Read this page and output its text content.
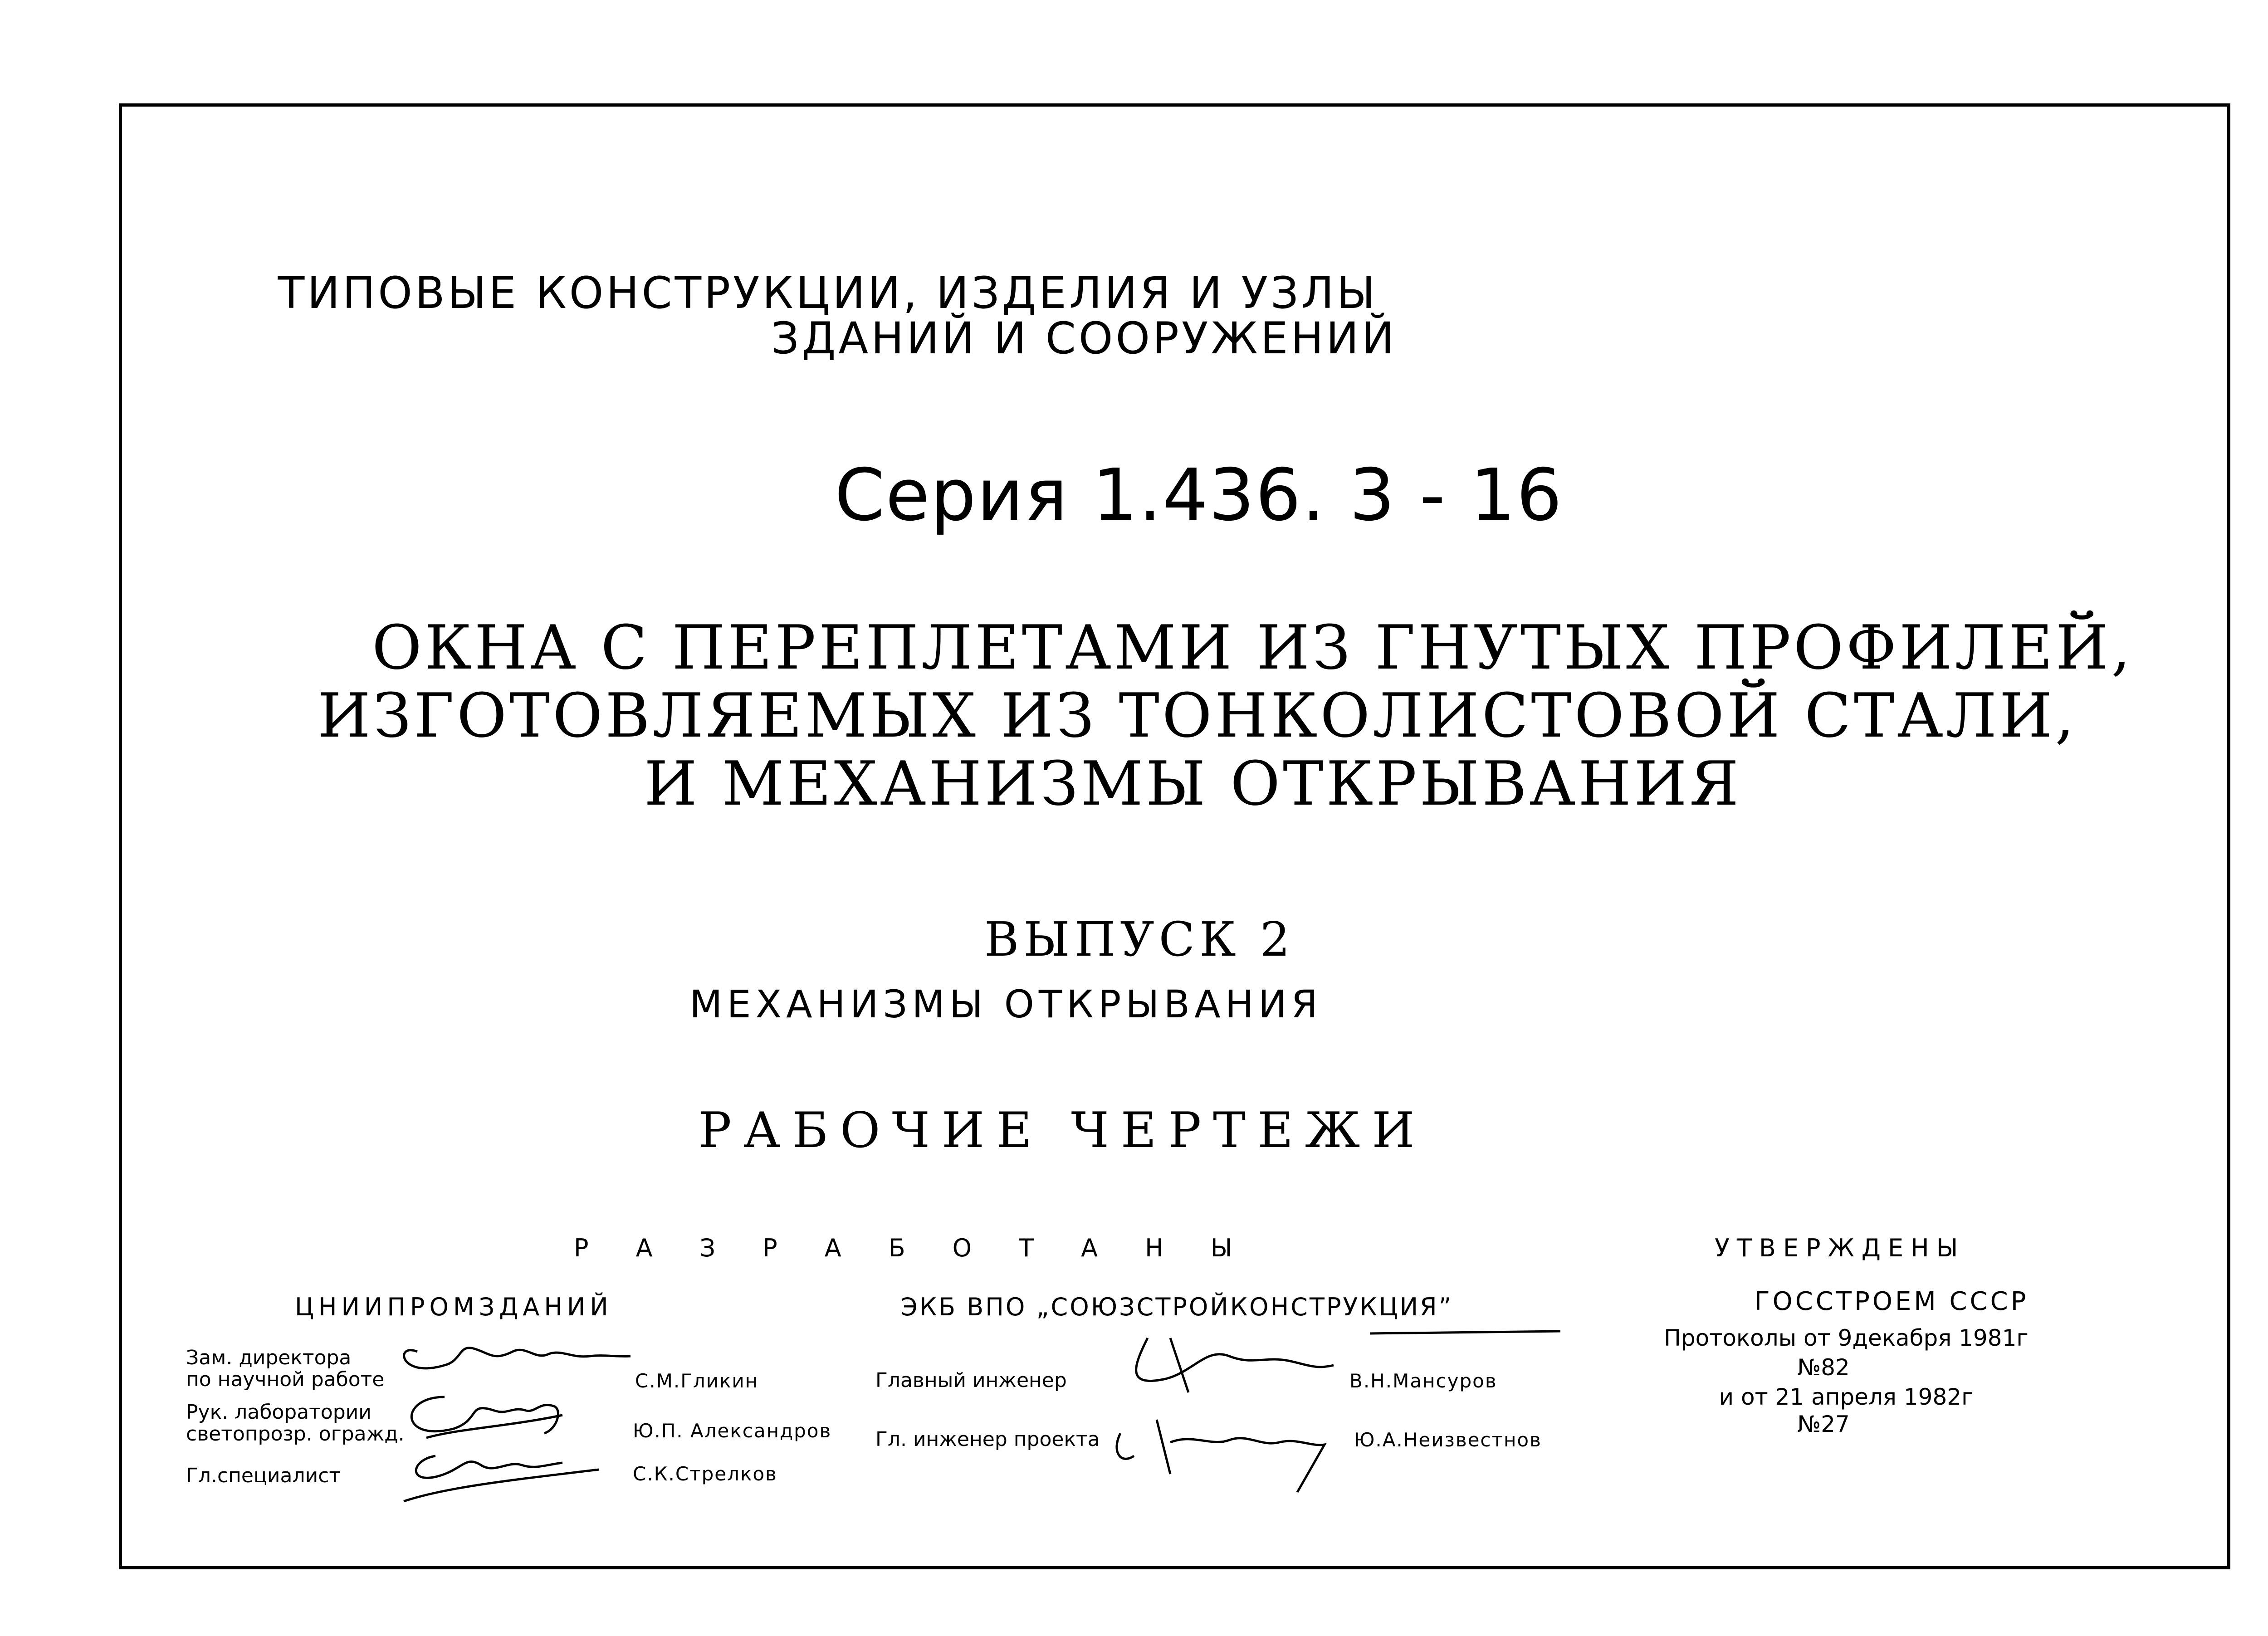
ТИПОВЫЕ КОНСТРУКЦИИ, ИЗДЕЛИЯ И УЗЛЫ
ЗДАНИЙ И СООРУЖЕНИЙ
Серия 1.436. 3 - 16
ОКНА С ПЕРЕПЛЕТАМИ ИЗ ГНУТЫХ ПРОФИЛЕЙ,
ИЗГОТОВЛЯЕМЫХ ИЗ ТОНКОЛИСТОВОЙ СТАЛИ,
И МЕХАНИЗМЫ ОТКРЫВАНИЯ
ВЫПУСК 2
МЕХАНИЗМЫ ОТКРЫВАНИЯ
РАБОЧИЕ ЧЕРТЕЖИ
РАЗРАБОТАНЫ
ЦНИИПРОМЗДАНИЙ
Зам. директора
по научной работе	С.М.Гликин
Рук. лаборатории
светопрозр. огражд.	Ю.П. Александров
Гл.специалист	С.К.Стрелков
ЭКБ ВПО „СОЮЗСТРОЙКОНСТРУКЦИЯ”
Главный инженер	В.Н.Мансуров
Гл. инженер проекта	Ю.А.Неизвестнов
УТВЕРЖДЕНЫ
ГОССТРОЕМ СССР
Протоколы от 9декабря 1981г
№82
и от 21 апреля 1982г
№27
